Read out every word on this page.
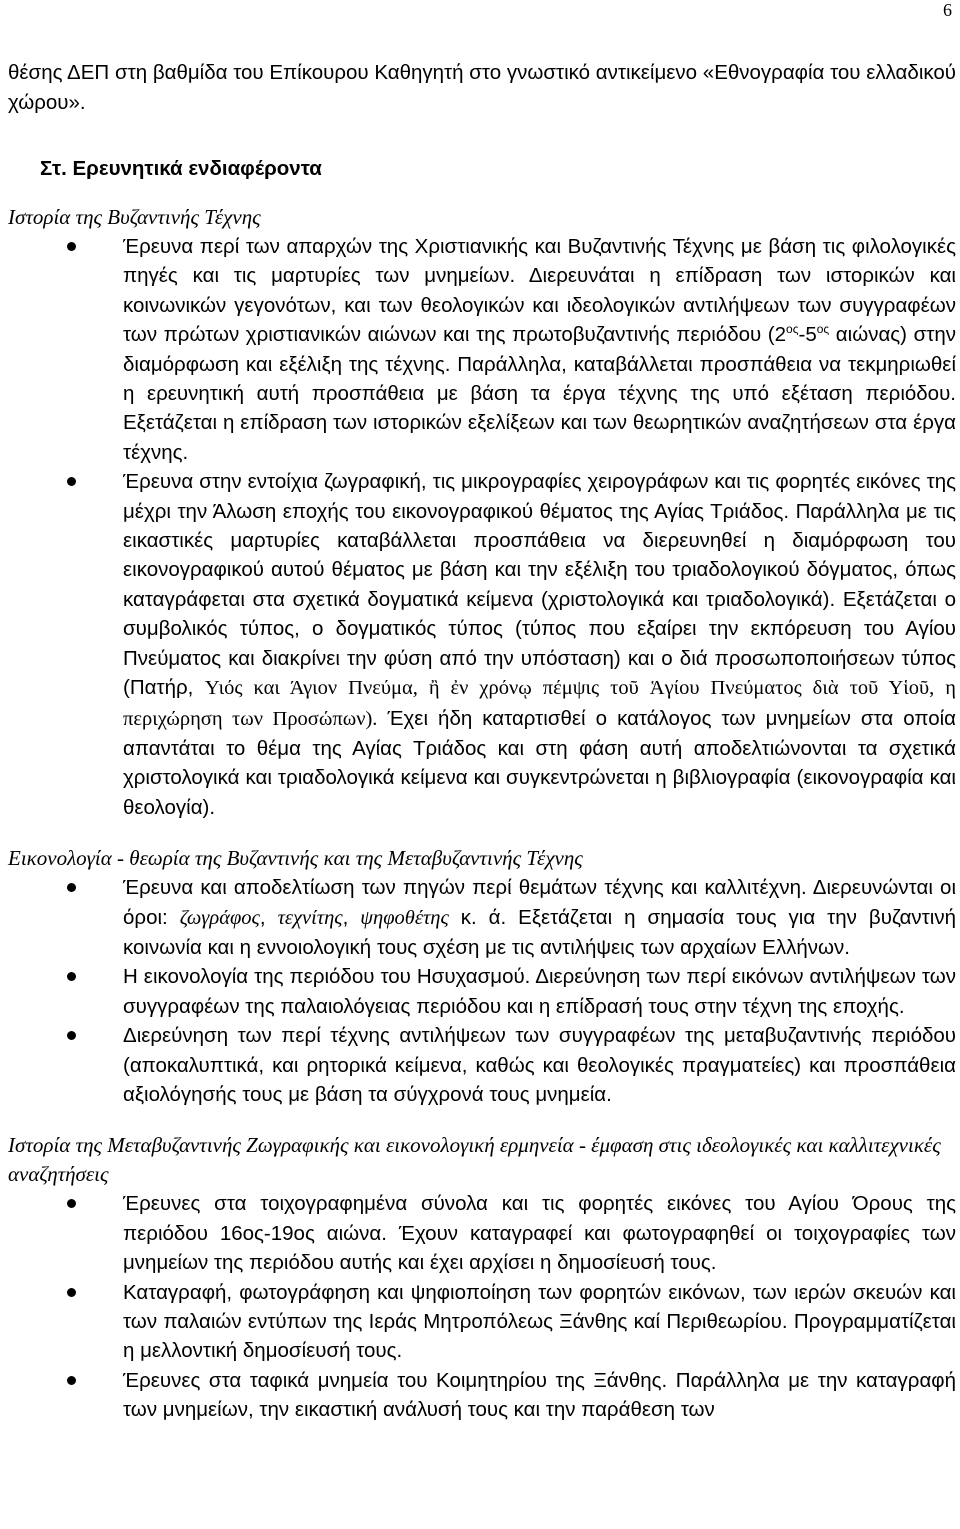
6

θέσης ΔΕΠ στη βαθμίδα του Επίκουρου Καθηγητή στο γνωστικό αντικείμενο «Εθνογραφία του ελλαδικού χώρου».

Στ. Ερευνητικά ενδιαφέροντα

Ιστορία της Βυζαντινής Τέχνης

Έρευνα περί των απαρχών της Χριστιανικής και Βυζαντινής Τέχνης με βάση τις φιλολογικές πηγές και τις μαρτυρίες των μνημείων. Διερευνάται η επίδραση των ιστορικών και κοινωνικών γεγονότων, και των θεολογικών και ιδεολογικών αντιλήψεων των συγγραφέων των πρώτων χριστιανικών αιώνων και της πρωτοβυζαντινής περιόδου ($2^{o\varsigma}-5^{o\varsigma}$ αιώνας) στην διαμόρφωση και εξέλιξη της τέχνης. Παράλληλα, καταβάλλεται προσπάθεια να τεκμηριωθεί η ερευνητική αυτή προσπάθεια με βάση τα έργα τέχνης της υπό εξέταση περιόδου. Εξετάζεται η επίδραση των ιστορικών εξελίξεων και των θεωρητικών αναζητήσεων στα έργα τέχνης.
Έρευνα στην εντοίχια ζωγραφική, τις μικρογραφίες χειρογράφων και τις φορητές εικόνες της μέχρι την Άλωση εποχής του εικονογραφικού θέματος της Αγίας Τριάδος. Παράλληλα με τις εικαστικές μαρτυρίες καταβάλλεται προσπάθεια να διερευνηθεί η διαμόρφωση του εικονογραφικού αυτού θέματος με βάση και την εξέλιξη του τριαδολογικού δόγματος, όπως καταγράφεται στα σχετικά δογματικά κείμενα (χριστολογικά και τριαδολογικά). Εξετάζεται ο συμβολικός τύπος, ο δογματικός τύπος (τύπος που εξαίρει την εκπόρευση του Αγίου Πνεύματος και διακρίνει την φύση από την υπόσταση) και ο διά προσωποποιήσεων τύπος (Πατήρ, Υιός και Άγιον Πνεύμα, ἢ ἐν χρόνῳ πέμψις τοῦ Ἁγίου Πνεύματος διὰ τοῦ Υἱοῦ, η περιχώρηση των Προσώπων). Έχει ήδη καταρτισθεί ο κατάλογος των μνημείων στα οποία απαντάται το θέμα της Αγίας Τριάδος και στη φάση αυτή αποδελτιώνονται τα σχετικά χριστολογικά και τριαδολογικά κείμενα και συγκεντρώνεται η βιβλιογραφία (εικονογραφία και θεολογία).

Εικονολογία - θεωρία της Βυζαντινής και της Μεταβυζαντινής Τέχνης

Έρευνα και αποδελτίωση των πηγών περί θεμάτων τέχνης και καλλιτέχνη. Διερευνώνται οι όροι: ζωγράφος, τεχνίτης, ψηφοθέτης κ. ά. Εξετάζεται η σημασία τους για την βυζαντινή κοινωνία και η εννοιολογική τους σχέση με τις αντιλήψεις των αρχαίων Ελλήνων.
Η εικονολογία της περιόδου του Ησυχασμού. Διερεύνηση των περί εικόνων αντιλήψεων των συγγραφέων της παλαιολόγειας περιόδου και η επίδρασή τους στην τέχνη της εποχής.
Διερεύνηση των περί τέχνης αντιλήψεων των συγγραφέων της μεταβυζαντινής περιόδου (αποκαλυπτικά, και ρητορικά κείμενα, καθώς και θεολογικές πραγματείες) και προσπάθεια αξιολόγησής τους με βάση τα σύγχρονά τους μνημεία.

Ιστορία της Μεταβυζαντινής Ζωγραφικής και εικονολογική ερμηνεία - έμφαση στις ιδεολογικές και καλλιτεχνικές αναζητήσεις

Έρευνες στα τοιχογραφημένα σύνολα και τις φορητές εικόνες του Αγίου Όρους της περιόδου 16ος-19ος αιώνα. Έχουν καταγραφεί και φωτογραφηθεί οι τοιχογραφίες των μνημείων της περιόδου αυτής και έχει αρχίσει η δημοσίευσή τους.
Καταγραφή, φωτογράφηση και ψηφιοποίηση των φορητών εικόνων, των ιερών σκευών και των παλαιών εντύπων της Ιεράς Μητροπόλεως Ξάνθης καί Περιθεωρίου. Προγραμματίζεται η μελλοντική δημοσίευσή τους.
Έρευνες στα ταφικά μνημεία του Κοιμητηρίου της Ξάνθης. Παράλληλα με την καταγραφή των μνημείων, την εικαστική ανάλυσή τους και την παράθεση των
